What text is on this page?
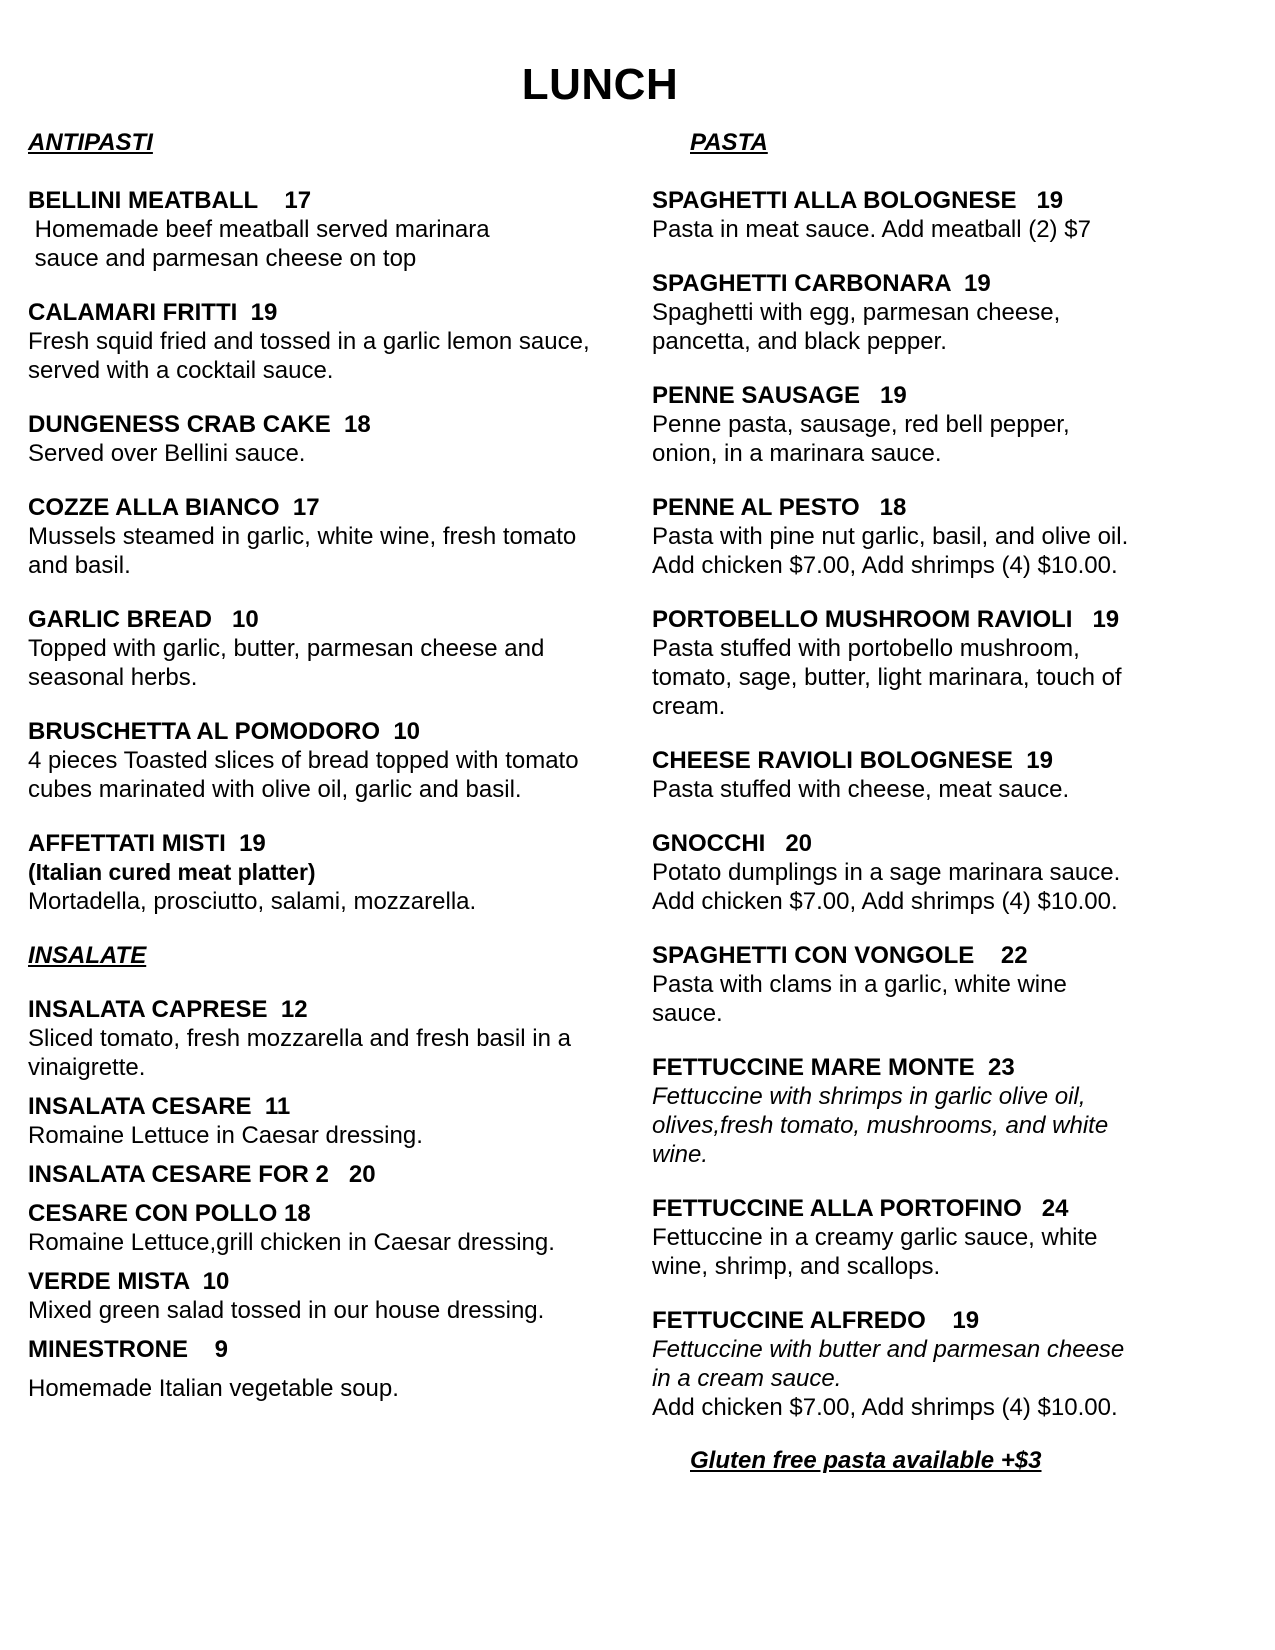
LUNCH
ANTIPASTI
BELLINI MEATBALL    17
Homemade beef meatball served marinara
sauce and parmesan cheese on top
CALAMARI FRITTI  19
Fresh squid fried and tossed in a garlic lemon sauce,
served with a cocktail sauce.
DUNGENESS CRAB CAKE  18
Served over Bellini sauce.
COZZE ALLA BIANCO  17
Mussels steamed in garlic, white wine, fresh tomato
and basil.
GARLIC BREAD   10
Topped with garlic, butter, parmesan cheese and
seasonal herbs.
BRUSCHETTA AL POMODORO  10
4 pieces Toasted slices of bread topped with tomato
cubes marinated with olive oil, garlic and basil.
AFFETTATI MISTI  19
(Italian cured meat platter)
Mortadella, prosciutto, salami, mozzarella.
INSALATE
INSALATA CAPRESE  12
Sliced tomato, fresh mozzarella and fresh basil in a
vinaigrette.
INSALATA CESARE  11
Romaine Lettuce in Caesar dressing.
INSALATA CESARE FOR 2   20
CESARE CON POLLO 18
Romaine Lettuce,grill chicken in Caesar dressing.
VERDE MISTA  10
Mixed green salad tossed in our house dressing.
MINESTRONE    9
Homemade Italian vegetable soup.
PASTA
SPAGHETTI ALLA BOLOGNESE   19
Pasta in meat sauce. Add meatball (2) $7
SPAGHETTI CARBONARA  19
Spaghetti with egg, parmesan cheese,
pancetta, and black pepper.
PENNE SAUSAGE   19
Penne pasta, sausage, red bell pepper,
onion, in a marinara sauce.
PENNE AL PESTO   18
Pasta with pine nut garlic, basil, and olive oil.
Add chicken $7.00, Add shrimps (4) $10.00.
PORTOBELLO MUSHROOM RAVIOLI   19
Pasta stuffed with portobello mushroom,
tomato, sage, butter, light marinara, touch of
cream.
CHEESE RAVIOLI BOLOGNESE  19
Pasta stuffed with cheese, meat sauce.
GNOCCHI   20
Potato dumplings in a sage marinara sauce.
Add chicken $7.00, Add shrimps (4) $10.00.
SPAGHETTI CON VONGOLE    22
Pasta with clams in a garlic, white wine
sauce.
FETTUCCINE MARE MONTE  23
Fettuccine with shrimps in garlic olive oil,
olives,fresh tomato, mushrooms, and white
wine.
FETTUCCINE ALLA PORTOFINO   24
Fettuccine in a creamy garlic sauce, white
wine, shrimp, and scallops.
FETTUCCINE ALFREDO    19
Fettuccine with butter and parmesan cheese
in a cream sauce.
Add chicken $7.00, Add shrimps (4) $10.00.
Gluten free pasta available +$3
